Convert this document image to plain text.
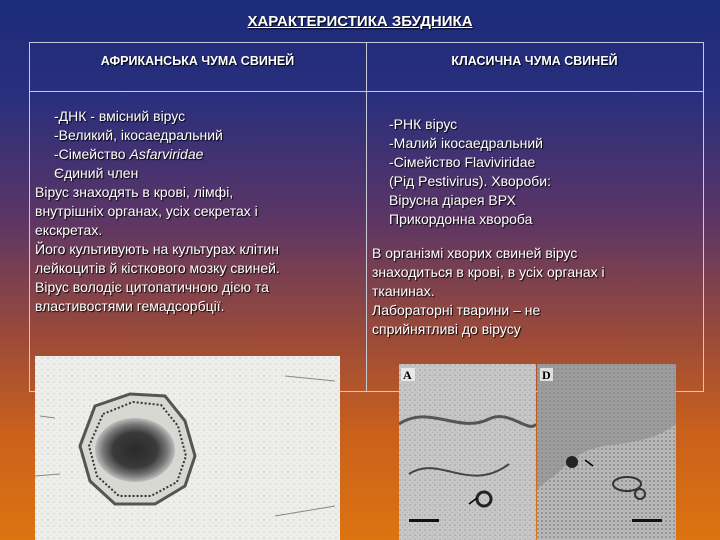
ХАРАКТЕРИСТИКА ЗБУДНИКА
АФРИКАНСЬКА ЧУМА СВИНЕЙ	КЛАСИЧНА ЧУМА СВИНЕЙ
-ДНК - вмісний вірус
-Великий, ікосаедральний
-Сімейство Asfarviridae
Єдиний член
Вірус знаходять в крові, лімфі,
внутрішніх органах, усіх секретах і
екскретах.
Його культивують на культурах клітин
лейкоцитів й кісткового мозку свиней.
Вірус володіє цитопатичною дією та
властивостями гемадсорбції.
-РНК вірус
-Малий ікосаедральний
-Сімейство Flaviviridae
(Рід Pestivirus). Хвороби:
Вірусна діарея ВРХ
Прикордонна хвороба
В організмі хворих свиней вірус
знаходиться в крові, в усіх органах і
тканинах.
Лабораторні тварини – не
сприйнятливі до вірусу
A	D
